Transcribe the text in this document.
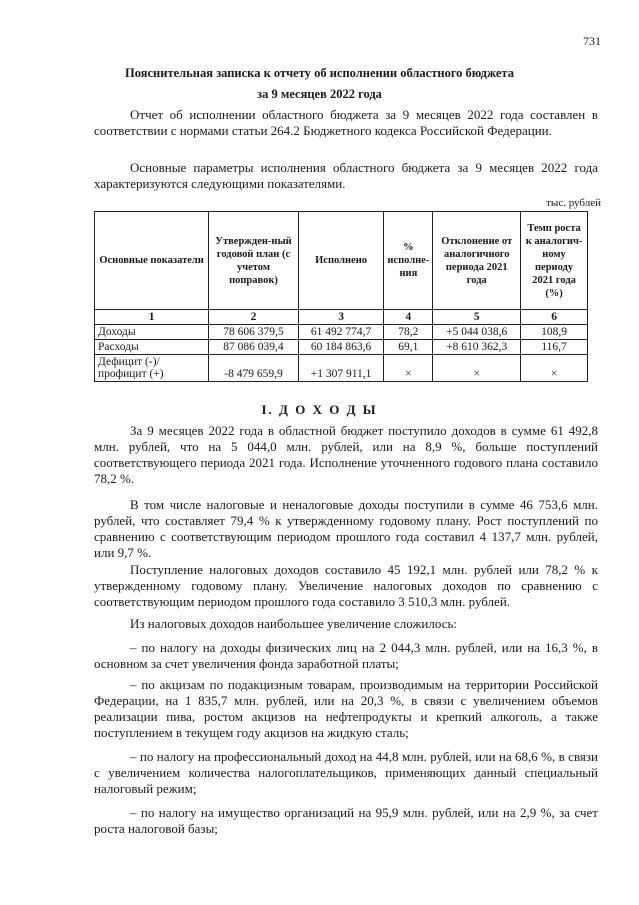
731
Пояснительная записка к отчету об исполнении областного бюджета
за 9 месяцев 2022 года
Отчет об исполнении областного бюджета за 9 месяцев 2022 года составлен в соответствии с нормами статьи 264.2 Бюджетного кодекса Российской Федерации.
Основные параметры исполнения областного бюджета за 9 месяцев 2022 года характеризуются следующими показателями.
тыс. рублей
Основные показатели	Утвержден-ный годовой план (с учетом поправок)	Исполнено	% исполне-ния	Отклонение от аналогичного периода 2021 года	Темп роста к аналогич-ному периоду 2021 года (%)
1	2	3	4	5	6
Доходы	78 606 379,5	61 492 774,7	78,2	+5 044 038,6	108,9
Расходы	87 086 039,4	60 184 863,6	69,1	+8 610 362,3	116,7
Дефицит (-)/ профицит (+)	-8 479 659,9	+1 307 911,1	×	×	×
I. Д О Х О Д Ы
За 9 месяцев 2022 года в областной бюджет поступило доходов в сумме 61 492,8 млн. рублей, что на 5 044,0 млн. рублей, или на 8,9 %, больше поступлений соответствующего периода 2021 года. Исполнение уточненного годового плана составило 78,2 %.
В том числе налоговые и неналоговые доходы поступили в сумме 46 753,6 млн. рублей, что составляет 79,4 % к утвержденному годовому плану. Рост поступлений по сравнению с соответствующим периодом прошлого года составил 4 137,7 млн. рублей, или 9,7 %.
Поступление налоговых доходов составило 45 192,1 млн. рублей или 78,2 % к утвержденному годовому плану. Увеличение налоговых доходов по сравнению с соответствующим периодом прошлого года составило 3 510,3 млн. рублей.
Из налоговых доходов наибольшее увеличение сложилось:
– по налогу на доходы физических лиц на 2 044,3 млн. рублей, или на 16,3 %, в основном за счет увеличения фонда заработной платы;
– по акцизам по подакцизным товарам, производимым на территории Российской Федерации, на 1 835,7 млн. рублей, или на 20,3 %, в связи с увеличением объемов реализации пива, ростом акцизов на нефтепродукты и крепкий алкоголь, а также поступлением в текущем году акцизов на жидкую сталь;
– по налогу на профессиональный доход на 44,8 млн. рублей, или на 68,6 %, в связи с увеличением количества налогоплательщиков, применяющих данный специальный налоговый режим;
– по налогу на имущество организаций на 95,9 млн. рублей, или на 2,9 %, за счет роста налоговой базы;
